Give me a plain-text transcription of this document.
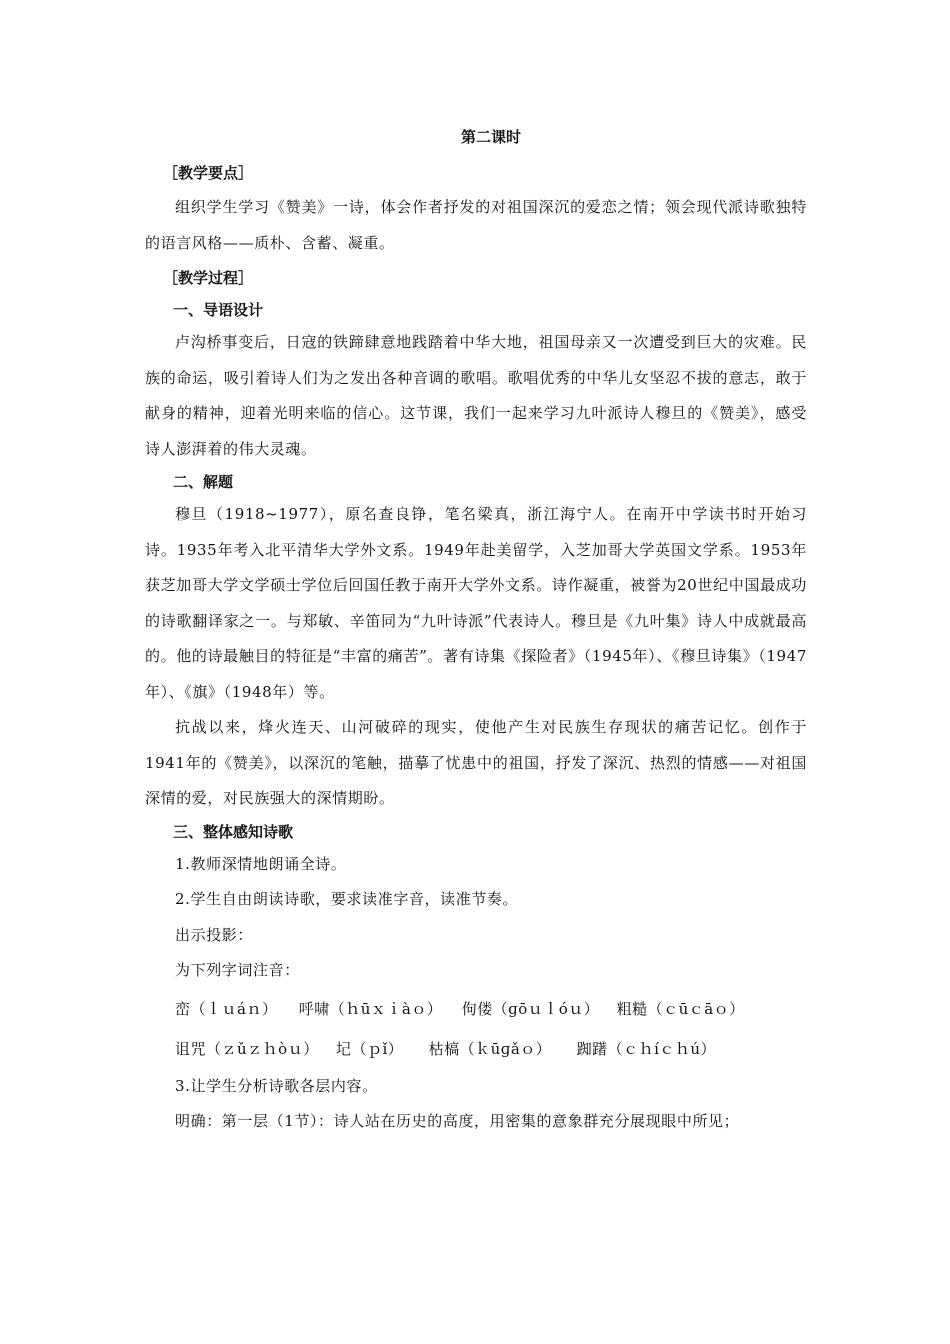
第二课时

［教学要点］

组织学生学习《赞美》一诗，体会作者抒发的对祖国深沉的爱恋之情；领会现代派诗歌独特的语言风格——质朴、含蓄、凝重。

［教学过程］

一、导语设计

卢沟桥事变后，日寇的铁蹄肆意地践踏着中华大地，祖国母亲又一次遭受到巨大的灾难。民族的命运，吸引着诗人们为之发出各种音调的歌唱。歌唱优秀的中华儿女坚忍不拔的意志，敢于献身的精神，迎着光明来临的信心。这节课，我们一起来学习九叶派诗人穆旦的《赞美》，感受诗人澎湃着的伟大灵魂。

二、解题

穆旦（1918~1977），原名查良铮，笔名梁真，浙江海宁人。在南开中学读书时开始习诗。1935年考入北平清华大学外文系。1949年赴美留学，入芝加哥大学英国文学系。1953年获芝加哥大学文学硕士学位后回国任教于南开大学外文系。诗作凝重，被誉为20世纪中国最成功的诗歌翻译家之一。与郑敏、辛笛同为“九叶诗派”代表诗人。穆旦是《九叶集》诗人中成就最高的。他的诗最触目的特征是“丰富的痛苦”。著有诗集《探险者》（1945年）、《穆旦诗集》（1947年）、《旗》（1948年）等。

抗战以来，烽火连天、山河破碎的现实，使他产生对民族生存现状的痛苦记忆。创作于1941年的《赞美》，以深沉的笔触，描摹了忧患中的祖国，抒发了深沉、热烈的情感——对祖国深情的爱，对民族强大的深情期盼。

三、整体感知诗歌

1.教师深情地朗诵全诗。

2.学生自由朗读诗歌，要求读准字音，读准节奏。

出示投影：

为下列字词注音：

峦（ｌｕáｎ） 呼啸（ｈūｘｉàｏ） 佝偻（ɡōｕｌóｕ） 粗糙（ｃūｃāｏ）

诅咒（ｚǔｚｈòｕ） 圮（ｐǐ） 枯槁（ｋūɡǎｏ） 踟躇（ｃｈíｃｈú）

3.让学生分析诗歌各层内容。

明确：第一层（1节）：诗人站在历史的高度，用密集的意象群充分展现眼中所见；
